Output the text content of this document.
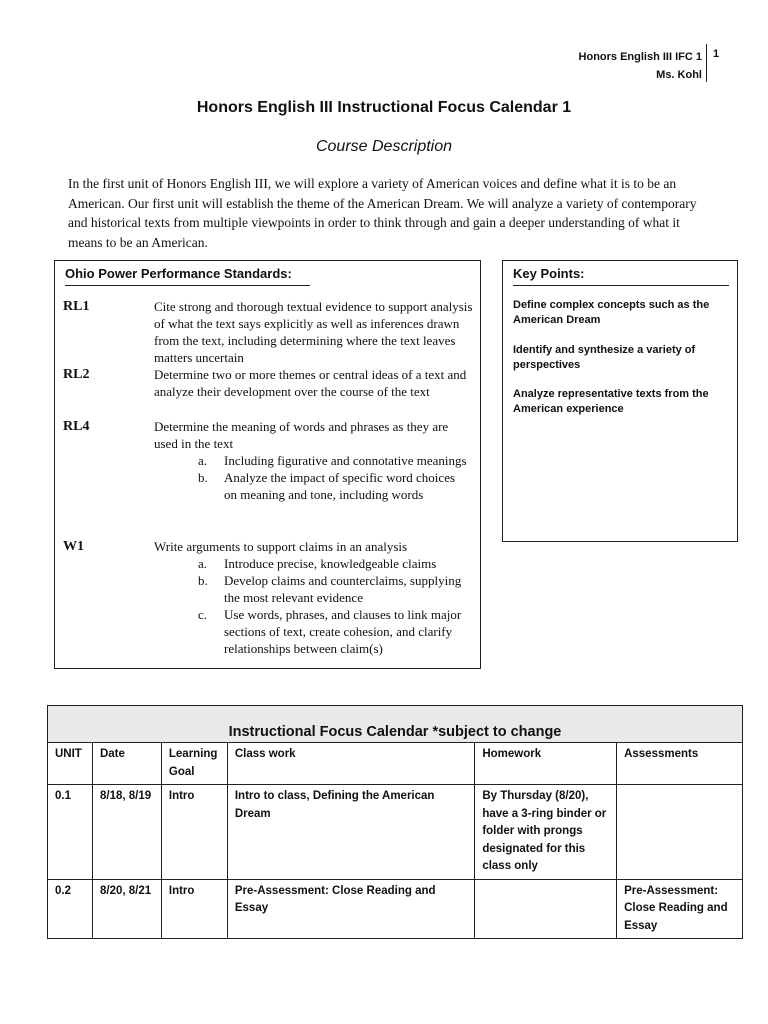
Honors English III IFC 1
Ms. Kohl
1
Honors English III Instructional Focus Calendar 1
Course Description
In the first unit of Honors English III, we will explore a variety of American voices and define what it is to be an American. Our first unit will establish the theme of the American Dream. We will analyze a variety of contemporary and historical texts from multiple viewpoints in order to think through and gain a deeper understanding of what it means to be an American.
Ohio Power Performance Standards:
RL1	Cite strong and thorough textual evidence to support analysis of what the text says explicitly as well as inferences drawn from the text, including determining where the text leaves matters uncertain
RL2	Determine two or more themes or central ideas of a text and analyze their development over the course of the text
RL4	Determine the meaning of words and phrases as they are used in the text
a.	Including figurative and connotative meanings
b.	Analyze the impact of specific word choices on meaning and tone, including words
W1	Write arguments to support claims in an analysis
a.	Introduce precise, knowledgeable claims
b.	Develop claims and counterclaims, supplying the most relevant evidence
c.	Use words, phrases, and clauses to link major sections of text, create cohesion, and clarify relationships between claim(s)
Key Points:
Define complex concepts such as the American Dream
Identify and synthesize a variety of perspectives
Analyze representative texts from the American experience
Instructional Focus Calendar *subject to change					

UNIT	Date	Learning Goal	Class work	Homework	Assessments
0.1	8/18, 8/19	Intro	Intro to class, Defining the American Dream	By Thursday (8/20), have a 3-ring binder or folder with prongs designated for this class only	
0.2	8/20, 8/21	Intro	Pre-Assessment: Close Reading and Essay		Pre-Assessment: Close Reading and Essay
